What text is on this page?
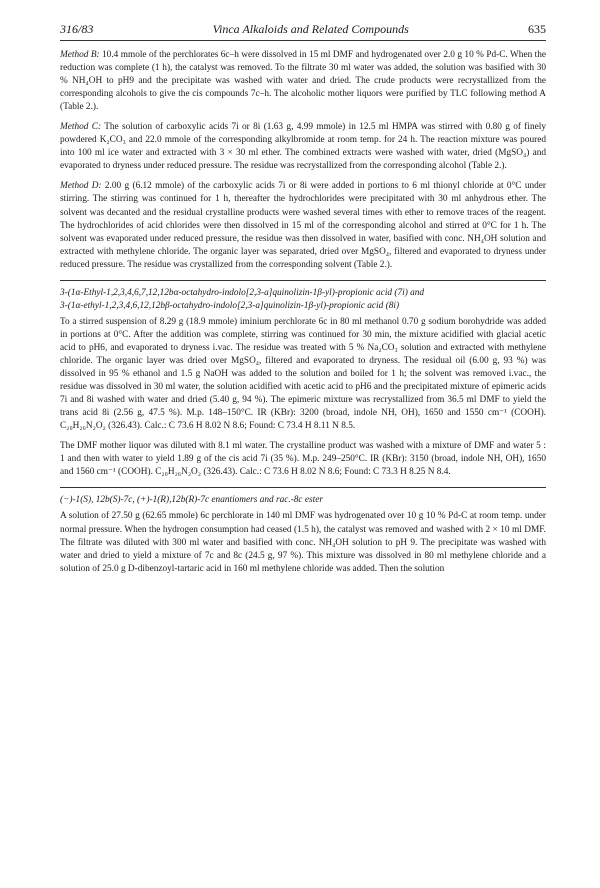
316/83	Vinca Alkaloids and Related Compounds	635

Method B: 10.4 mmole of the perchlorates 6c–h were dissolved in 15 ml DMF and hydrogenated over 2.0 g 10 % Pd-C. When the reduction was complete (1 h), the catalyst was removed. To the filtrate 30 ml water was added, the solution was basified with 30 % NH₄OH to pH9 and the precipitate was washed with water and dried. The crude products were recrystallized from the corresponding alcohols to give the cis compounds 7c–h. The alcoholic mother liquors were purified by TLC following method A (Table 2.).

Method C: The solution of carboxylic acids 7i or 8i (1.63 g, 4.99 mmole) in 12.5 ml HMPA was stirred with 0.80 g of finely powdered K₂CO₃ and 22.0 mmole of the corresponding alkylbromide at room temp. for 24 h. The reaction mixture was poured into 100 ml ice water and extracted with 3 × 30 ml ether. The combined extracts were washed with water, dried (MgSO₄) and evaporated to dryness under reduced pressure. The residue was recrystallized from the corresponding alcohol (Table 2.).

Method D: 2.00 g (6.12 mmole) of the carboxylic acids 7i or 8i were added in portions to 6 ml thionyl chloride at 0°C under stirring. The stirring was continued for 1 h, thereafter the hydrochlorides were precipitated with 30 ml anhydrous ether. The solvent was decanted and the residual crystalline products were washed several times with ether to remove traces of the reagent. The hydrochlorides of acid chlorides were then dissolved in 15 ml of the corresponding alcohol and stirred at 0°C for 1 h. The solvent was evaporated under reduced pressure, the residue was then dissolved in water, basified with conc. NH₄OH solution and extracted with methylene chloride. The organic layer was separated, dried over MgSO₄, filtered and evaporated to dryness under reduced pressure. The residue was crystallized from the corresponding solvent (Table 2.).

3-(1α-Ethyl-1,2,3,4,6,7,12,12bα-octahydro-indolo[2,3-a]quinolizin-1β-yl)-propionic acid (7i) and

3-(1α-ethyl-1,2,3,4,6,12,12bβ-octahydro-indolo[2,3-a]quinolizin-1β-yl)-propionic acid (8i)

To a stirred suspension of 8.29 g (18.9 mmole) iminium perchlorate 6c in 80 ml methanol 0.70 g sodium borohydride was added in portions at 0°C. After the addition was complete, stirring was continued for 30 min, the mixture acidified with glacial acetic acid to pH6, and evaporated to dryness i.vac. The residue was treated with 5 % Na₂CO₃ solution and extracted with methylene chloride. The organic layer was dried over MgSO₄, filtered and evaporated to dryness. The residual oil (6.00 g, 93 %) was dissolved in 95 % ethanol and 1.5 g NaOH was added to the solution and boiled for 1 h; the solvent was removed i.vac., the residue was dissolved in 30 ml water, the solution acidified with acetic acid to pH6 and the precipitated mixture of epimeric acids 7i and 8i washed with water and dried (5.40 g, 94 %). The epimeric mixture was recrystallized from 36.5 ml DMF to yield the trans acid 8i (2.56 g, 47.5 %). M.p. 148–150°C. IR (KBr): 3200 (broad, indole NH, OH), 1650 and 1550 cm⁻¹ (COOH). C₂₀H₂₆N₂O₂ (326.43). Calc.: C 73.6 H 8.02 N 8.6; Found: C 73.4 H 8.11 N 8.5.

The DMF mother liquor was diluted with 8.1 ml water. The crystalline product was washed with a mixture of DMF and water 5 : 1 and then with water to yield 1.89 g of the cis acid 7i (35 %). M.p. 249–250°C. IR (KBr): 3150 (broad, indole NH, OH), 1650 and 1560 cm⁻¹ (COOH). C₂₀H₂₆N₂O₂ (326.43). Calc.: C 73.6 H 8.02 N 8.6; Found: C 73.3 H 8.25 N 8.4.

(−)-1(S), 12b(S)-7c, (+)-1(R),12b(R)-7c enantiomers and rac.-8c ester

A solution of 27.50 g (62.65 mmole) 6c perchlorate in 140 ml DMF was hydrogenated over 10 g 10 % Pd-C at room temp. under normal pressure. When the hydrogen consumption had ceased (1.5 h), the catalyst was removed and washed with 2 × 10 ml DMF. The filtrate was diluted with 300 ml water and basified with conc. NH₄OH solution to pH 9. The precipitate was washed with water and dried to yield a mixture of 7c and 8c (24.5 g, 97 %). This mixture was dissolved in 80 ml methylene chloride and a solution of 25.0 g D-dibenzoyl-tartaric acid in 160 ml methylene chloride was added. Then the solution
